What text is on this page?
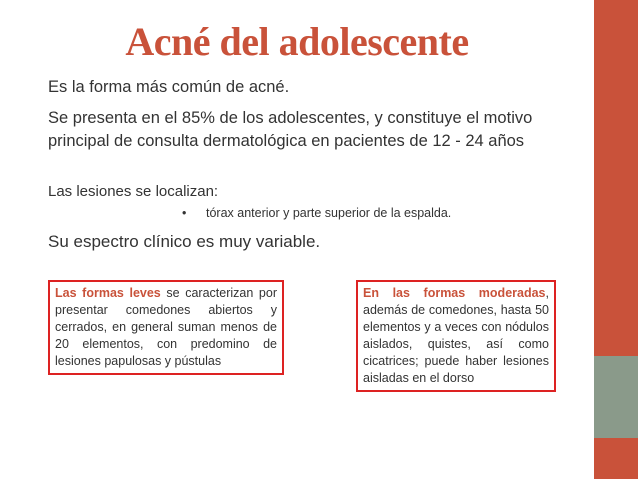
Acné del adolescente
Es la forma más común de acné.
Se presenta en el 85% de los adolescentes, y constituye el motivo principal de consulta dermatológica en pacientes de 12 - 24 años
Las lesiones se localizan:
• tórax anterior y parte superior de la espalda.
Su espectro clínico es muy variable.
Las formas leves se caracterizan por presentar comedones abiertos y cerrados, en general suman menos de 20 elementos, con predomino de lesiones papulosas y pústulas
En las formas moderadas, además de comedones, hasta 50 elementos y a veces con nódulos aislados, quistes, así como cicatrices; puede haber lesiones aisladas en el dorso
